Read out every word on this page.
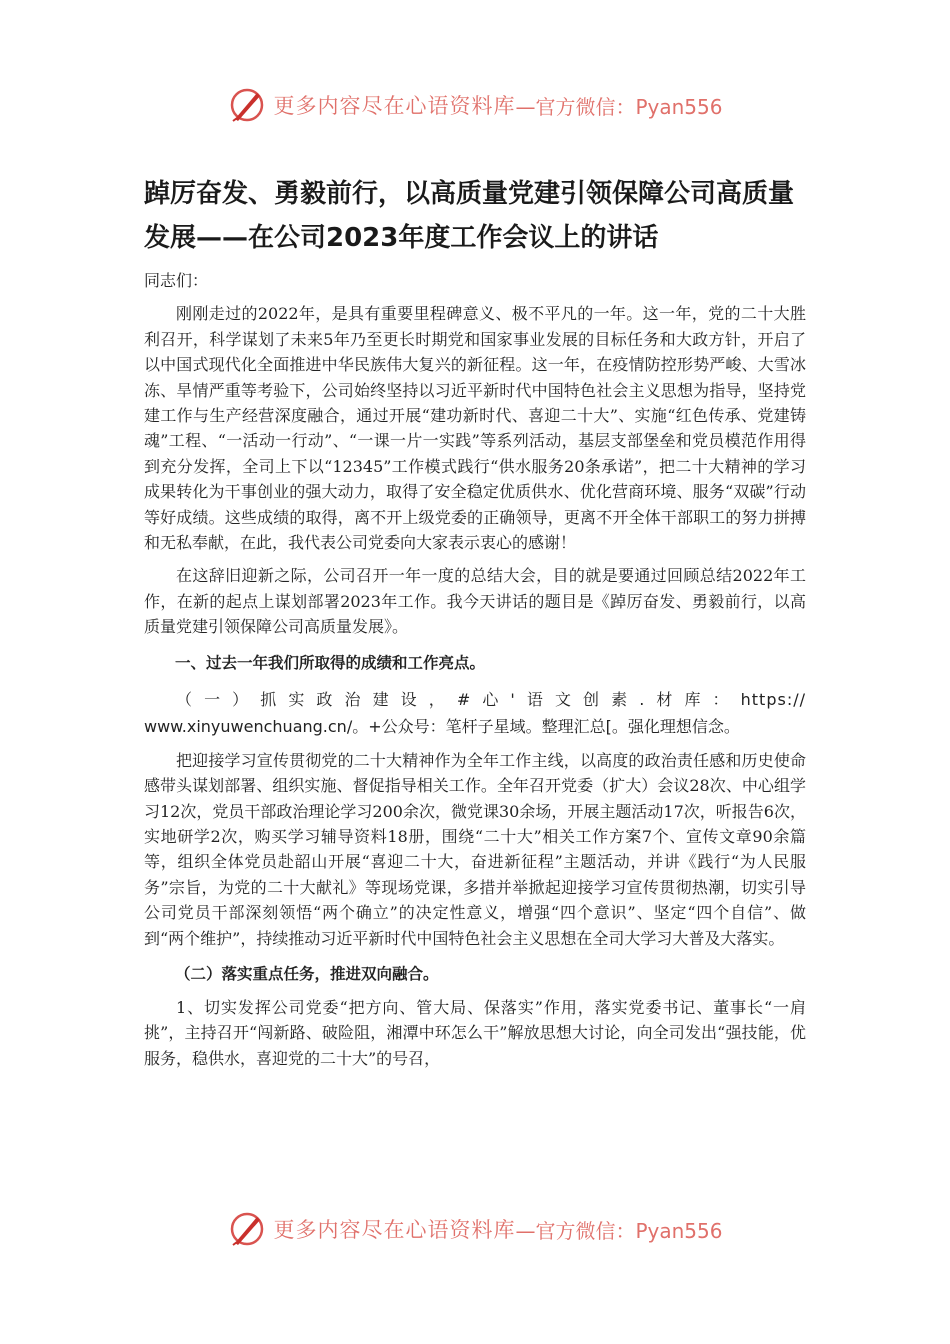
更多内容尽在心语资料库 —官方微信：Pyan556
踔厉奋发、勇毅前行，以高质量党建引领保障公司高质量发展——在公司2023年度工作会议上的讲话

同志们：

刚刚走过的2022年，是具有重要里程碑意义、极不平凡的一年。这一年，党的二十大胜利召开，科学谋划了未来5年乃至更长时期党和国家事业发展的目标任务和大政方针，开启了以中国式现代化全面推进中华民族伟大复兴的新征程。这一年，在疫情防控形势严峻、大雪冰冻、旱情严重等考验下，公司始终坚持以习近平新时代中国特色社会主义思想为指导，坚持党建工作与生产经营深度融合，通过开展“建功新时代、喜迎二十大”、实施“红色传承、党建铸魂”工程、“一活动一行动”、“一课一片一实践”等系列活动，基层支部堡垒和党员模范作用得到充分发挥，全司上下以“12345”工作模式践行“供水服务20条承诺”，把二十大精神的学习成果转化为干事创业的强大动力，取得了安全稳定优质供水、优化营商环境、服务“双碳”行动等好成绩。这些成绩的取得，离不开上级党委的正确领导，更离不开全体干部职工的努力拼搏和无私奉献，在此，我代表公司党委向大家表示衷心的感谢！

在这辞旧迎新之际，公司召开一年一度的总结大会，目的就是要通过回顾总结2022年工作，在新的起点上谋划部署2023年工作。我今天讲话的题目是《踔厉奋发、勇毅前行，以高质量党建引领保障公司高质量发展》。

一、过去一年我们所取得的成绩和工作亮点。
（一）抓实政治建设，#心'语文创素.材库：https://
www.xinyuwenchuang.cn/。+公众号：笔杆子星域。整理汇总[。强化理想信念。

把迎接学习宣传贯彻党的二十大精神作为全年工作主线，以高度的政治责任感和历史使命感带头谋划部署、组织实施、督促指导相关工作。全年召开党委（扩大）会议28次、中心组学习12次，党员干部政治理论学习200余次，微党课30余场，开展主题活动17次，听报告6次，实地研学2次，购买学习辅导资料18册，围绕“二十大”相关工作方案7个、宣传文章90余篇等，组织全体党员赴韶山开展“喜迎二十大，奋进新征程”主题活动，并讲《践行“为人民服务”宗旨，为党的二十大献礼》等现场党课，多措并举掀起迎接学习宣传贯彻热潮，切实引导公司党员干部深刻领悟“两个确立”的决定性意义，增强“四个意识”、坚定“四个自信”、做到“两个维护”，持续推动习近平新时代中国特色社会主义思想在全司大学习大普及大落实。

（二）落实重点任务，推进双向融合。

1、切实发挥公司党委“把方向、管大局、保落实”作用，落实党委书记、董事长“一肩挑”，主持召开“闯新路、破险阻，湘潭中环怎么干”解放思想大讨论，向全司发出“强技能，优服务，稳供水，喜迎党的二十大”的号召，

更多内容尽在心语资料库 —官方微信：Pyan556
